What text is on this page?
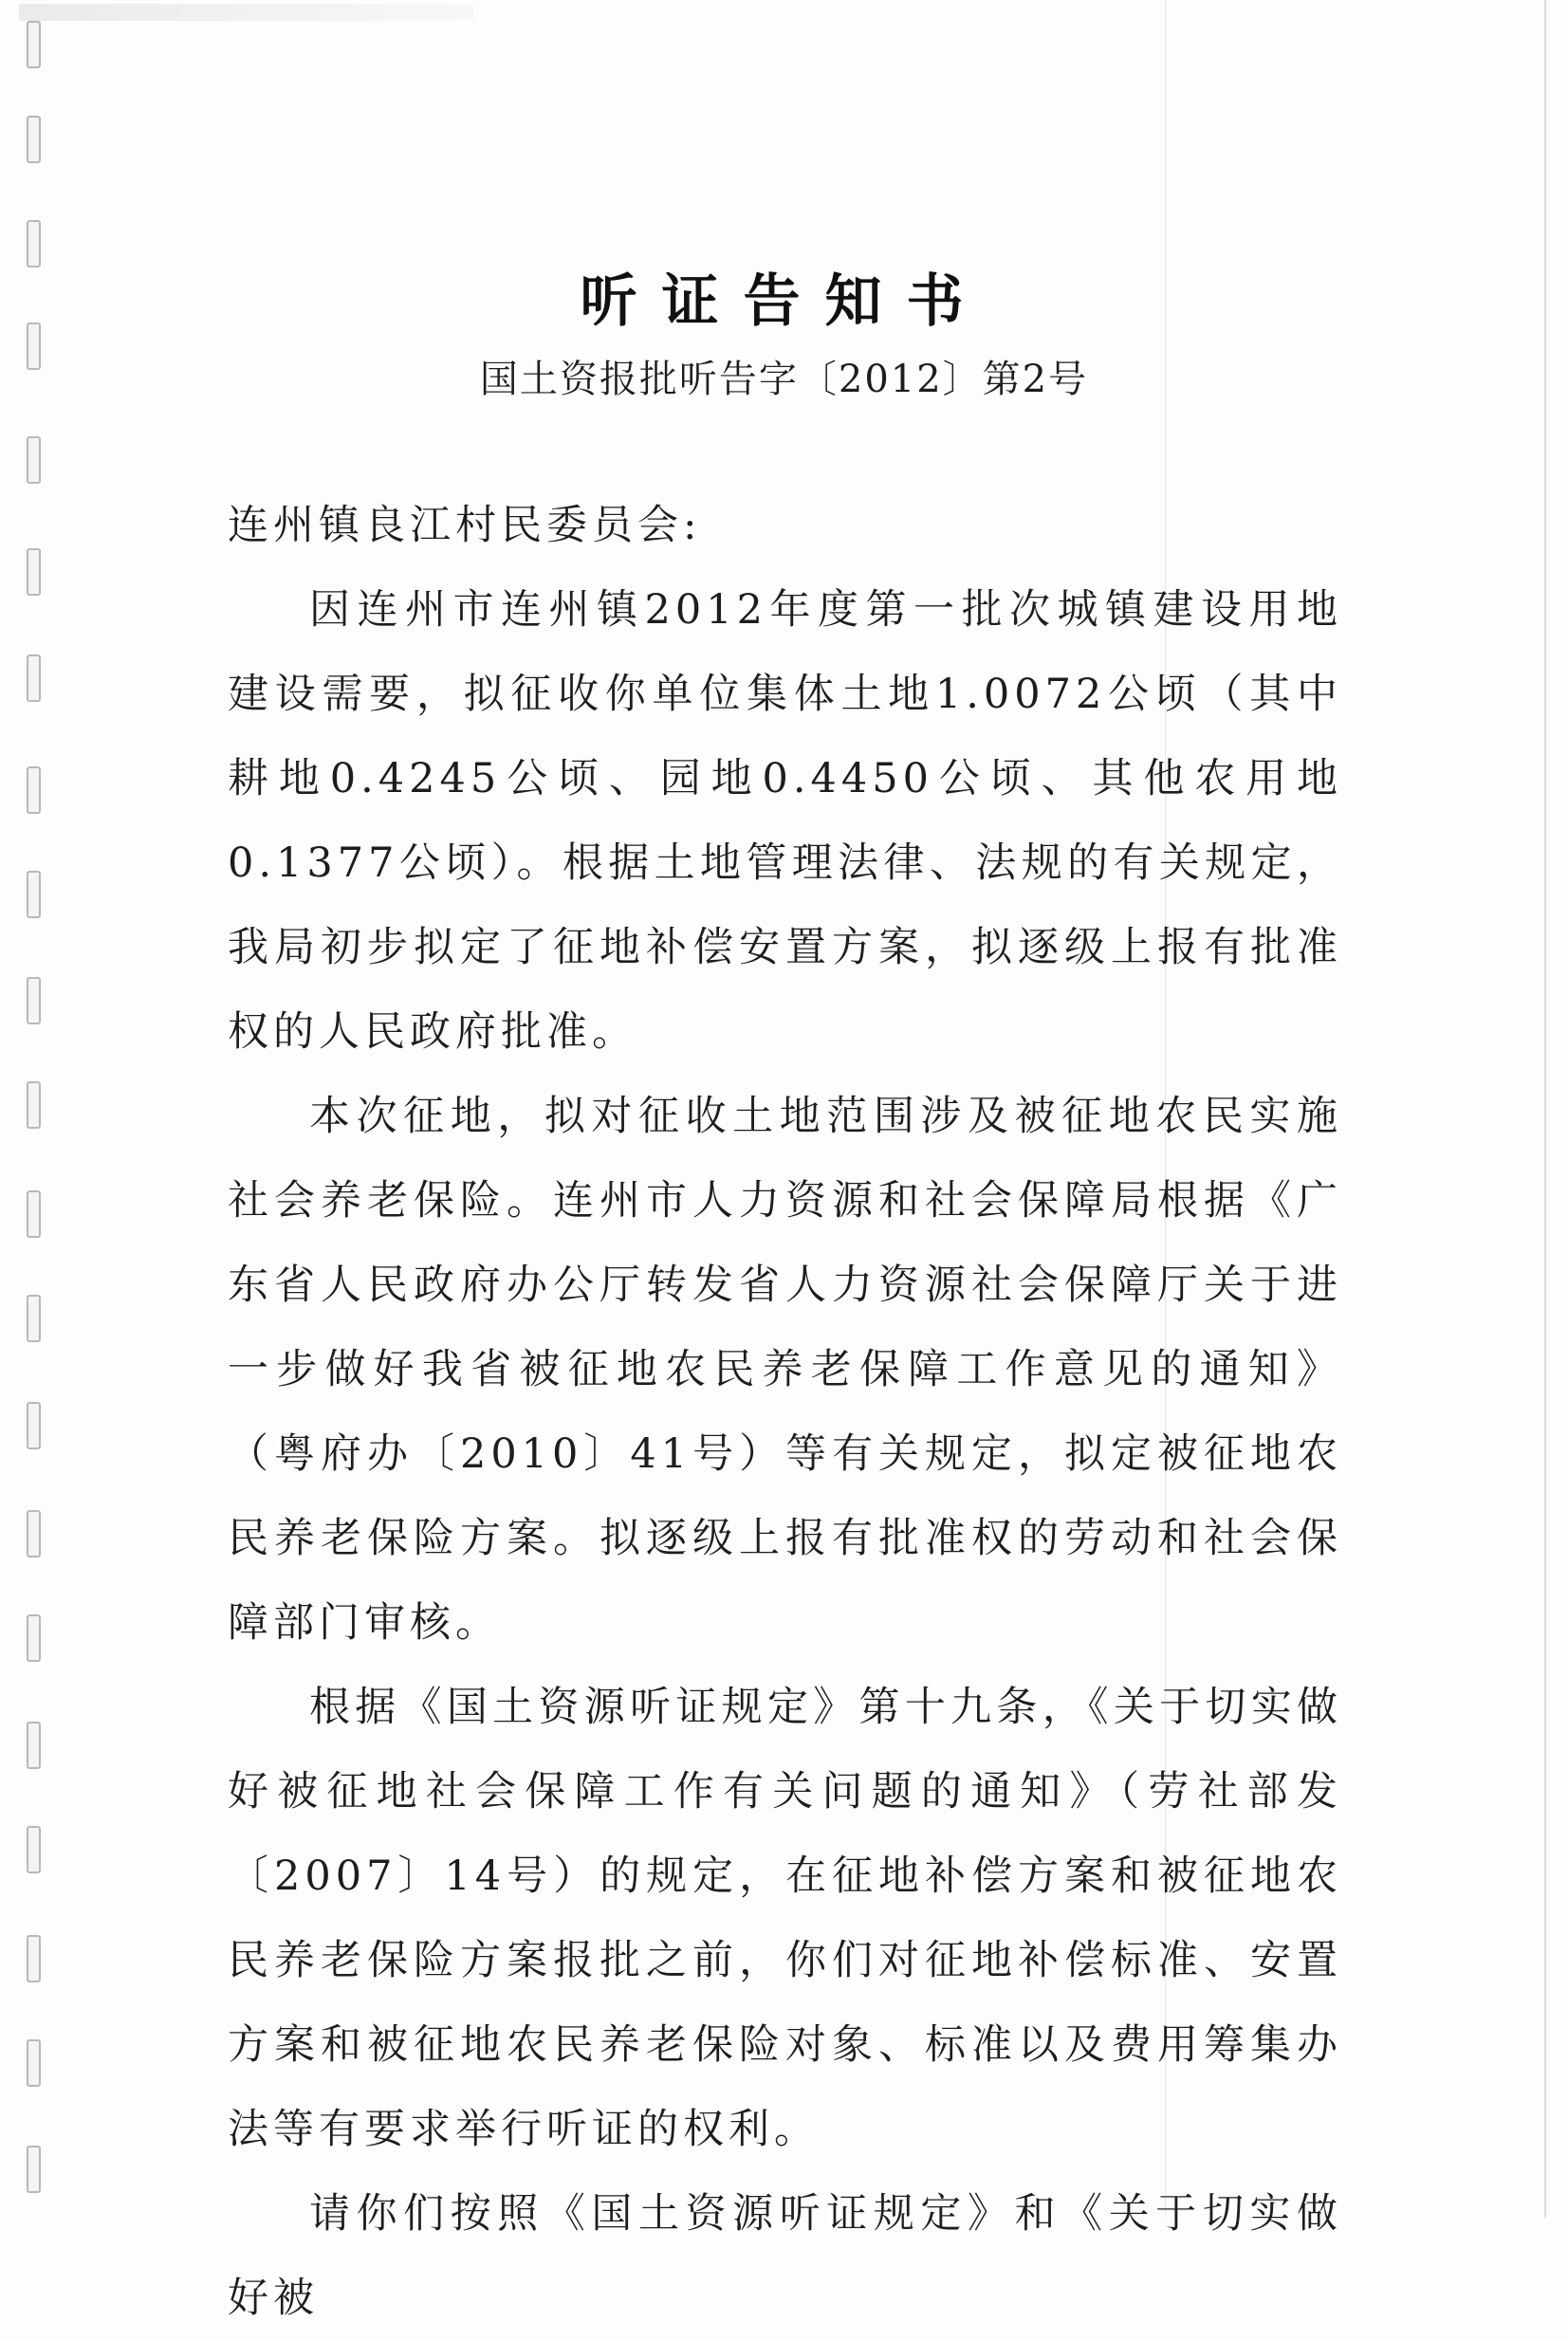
听证告知书
国土资报批听告字〔2012〕第2号

连州镇良江村民委员会:

因连州市连州镇2012年度第一批次城镇建设用地建设需要，拟征收你单位集体土地1.0072公顷（其中耕地0.4245公顷、园地0.4450公顷、其他农用地0.1377公顷）。根据土地管理法律、法规的有关规定，我局初步拟定了征地补偿安置方案，拟逐级上报有批准权的人民政府批准。

本次征地，拟对征收土地范围涉及被征地农民实施社会养老保险。连州市人力资源和社会保障局根据《广东省人民政府办公厅转发省人力资源社会保障厅关于进一步做好我省被征地农民养老保障工作意见的通知》（粤府办〔2010〕41号）等有关规定，拟定被征地农民养老保险方案。拟逐级上报有批准权的劳动和社会保障部门审核。

根据《国土资源听证规定》第十九条，《关于切实做好被征地社会保障工作有关问题的通知》（劳社部发〔2007〕14号）的规定，在征地补偿方案和被征地农民养老保险方案报批之前，你们对征地补偿标准、安置方案和被征地农民养老保险对象、标准以及费用筹集办法等有要求举行听证的权利。

请你们按照《国土资源听证规定》和《关于切实做好被
